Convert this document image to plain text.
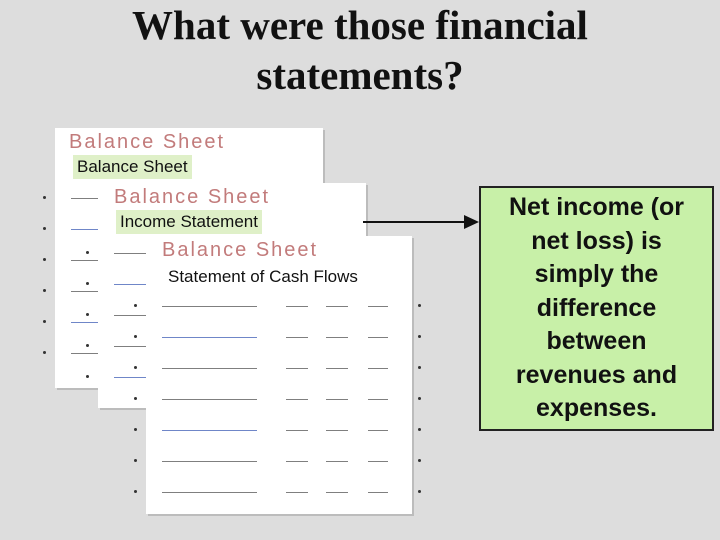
What were those financial
statements?
Balance Sheet
Balance Sheet
Balance Sheet
Income Statement
Balance Sheet
Statement of Cash Flows
Net income (or net loss) is simply the difference between revenues and expenses.
